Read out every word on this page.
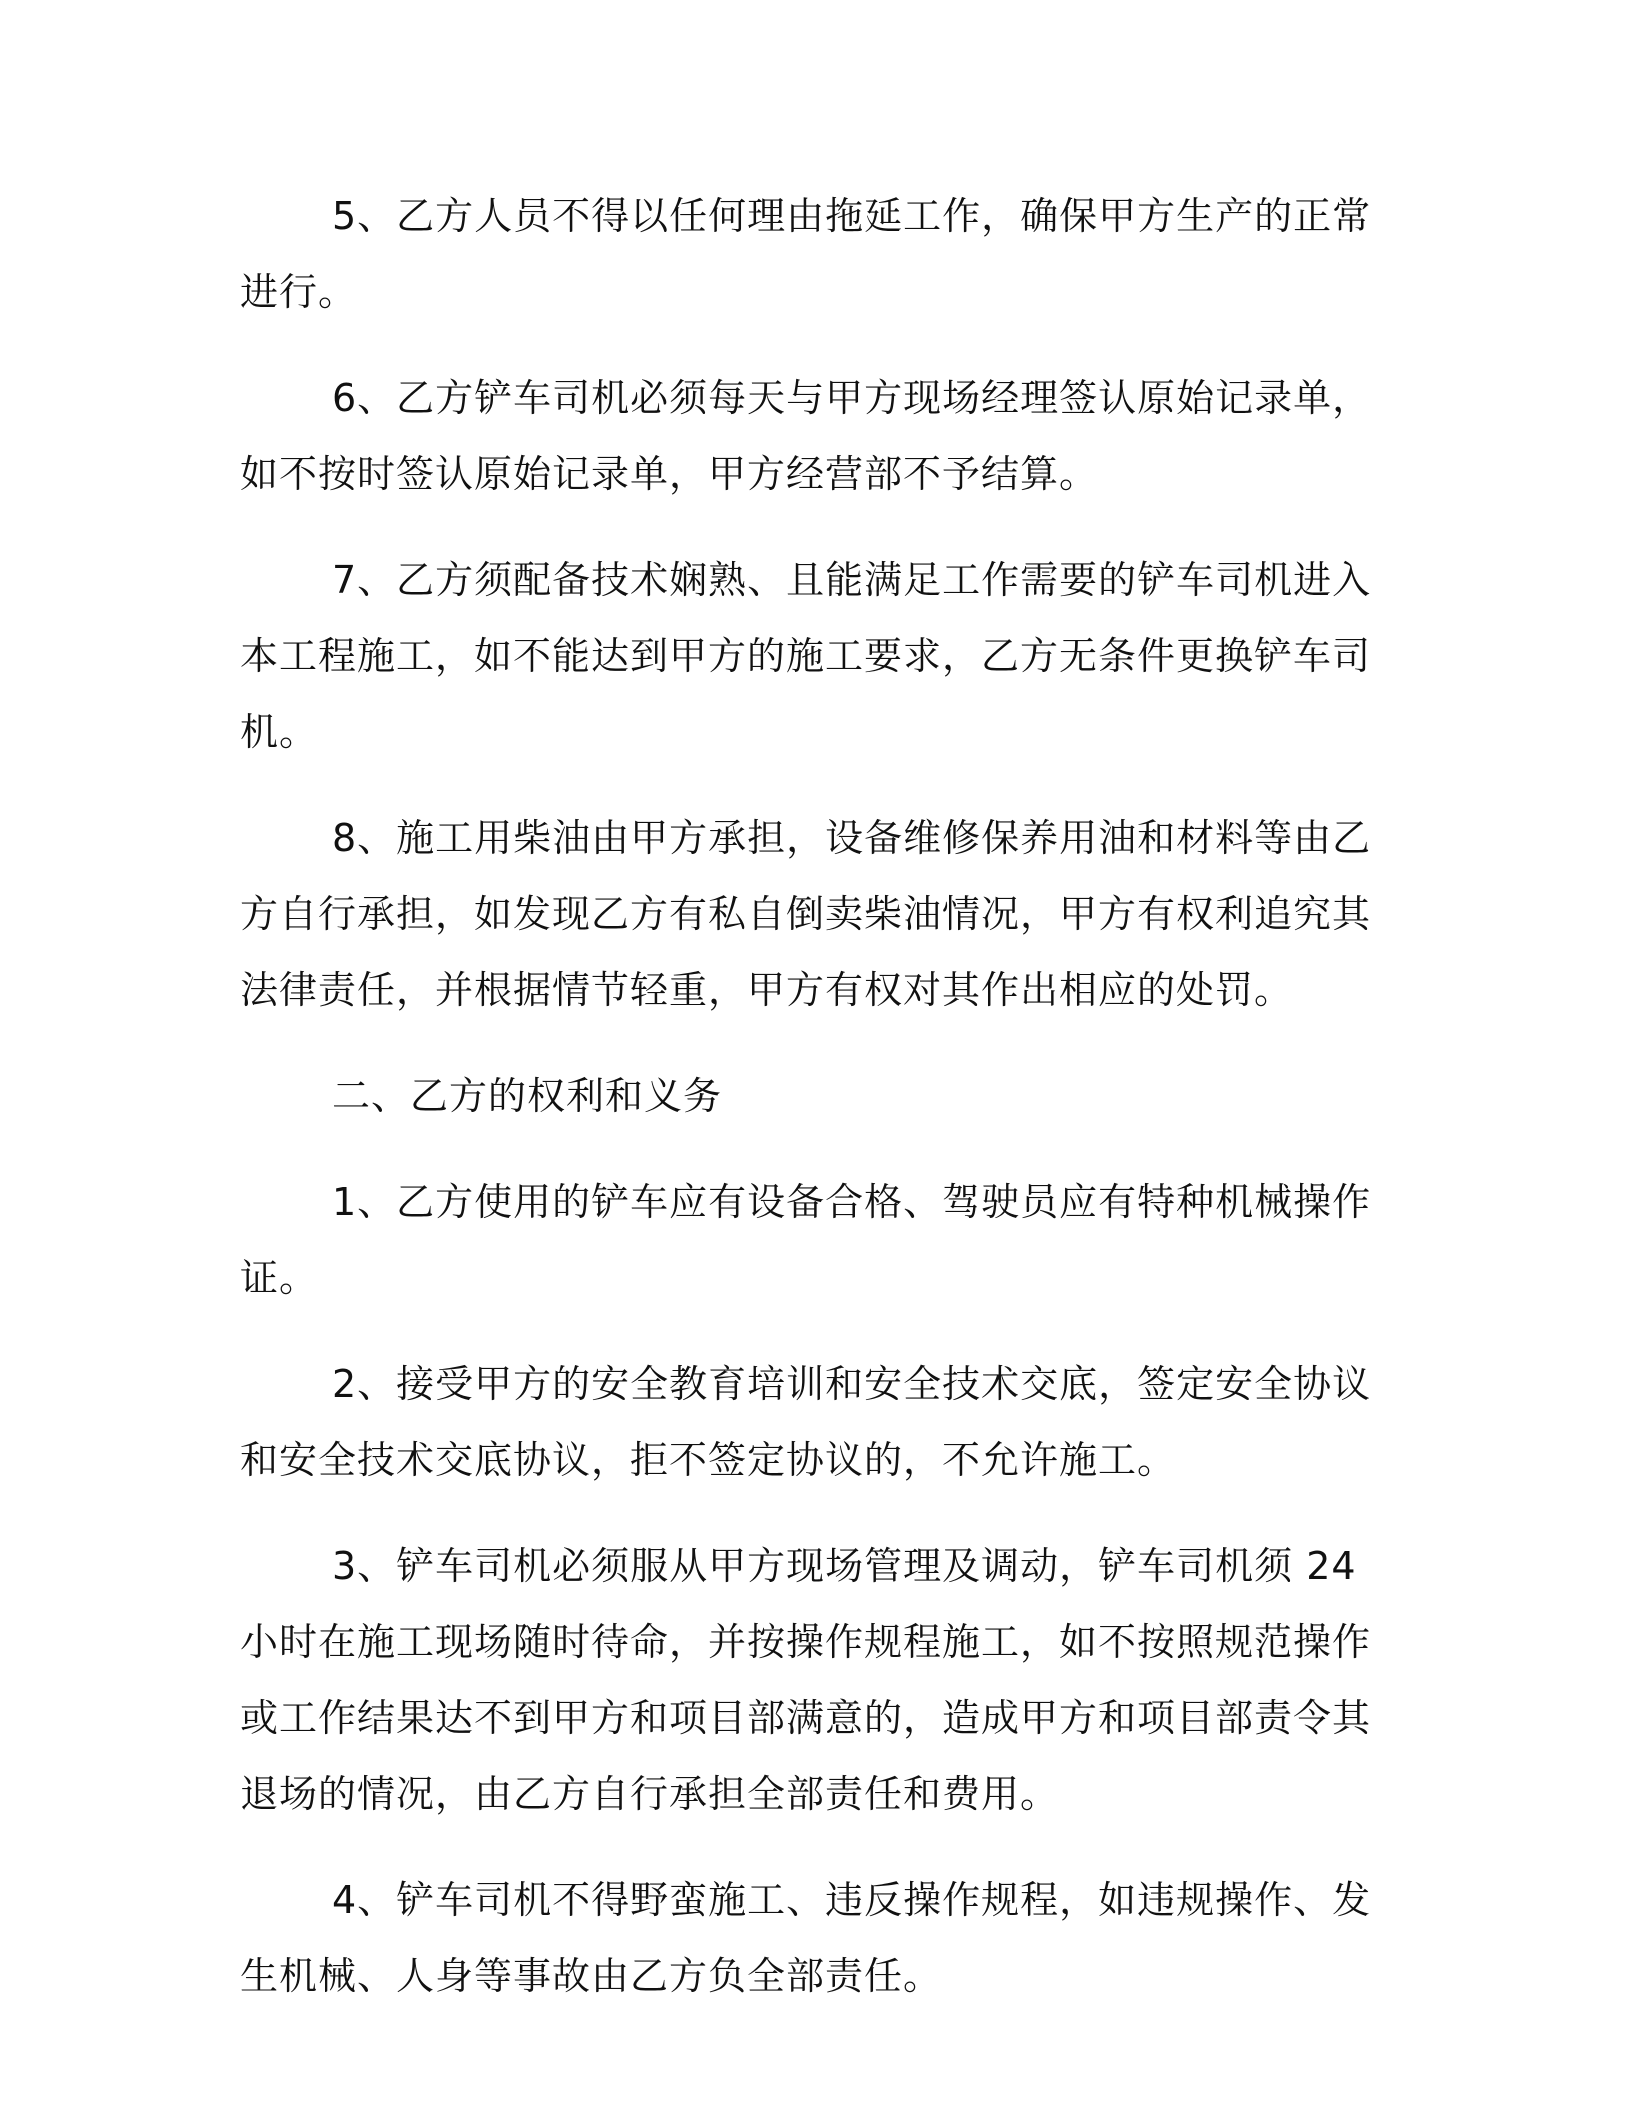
5、乙方人员不得以任何理由拖延工作，确保甲方生产的正常进行。

6、乙方铲车司机必须每天与甲方现场经理签认原始记录单，如不按时签认原始记录单，甲方经营部不予结算。

7、乙方须配备技术娴熟、且能满足工作需要的铲车司机进入本工程施工，如不能达到甲方的施工要求，乙方无条件更换铲车司机。

8、施工用柴油由甲方承担，设备维修保养用油和材料等由乙方自行承担，如发现乙方有私自倒卖柴油情况，甲方有权利追究其法律责任，并根据情节轻重，甲方有权对其作出相应的处罚。

二、乙方的权利和义务

1、乙方使用的铲车应有设备合格、驾驶员应有特种机械操作证。

2、接受甲方的安全教育培训和安全技术交底，签定安全协议和安全技术交底协议，拒不签定协议的，不允许施工。

3、铲车司机必须服从甲方现场管理及调动，铲车司机须 24 小时在施工现场随时待命，并按操作规程施工，如不按照规范操作或工作结果达不到甲方和项目部满意的，造成甲方和项目部责令其退场的情况，由乙方自行承担全部责任和费用。

4、铲车司机不得野蛮施工、违反操作规程，如违规操作、发生机械、人身等事故由乙方负全部责任。
